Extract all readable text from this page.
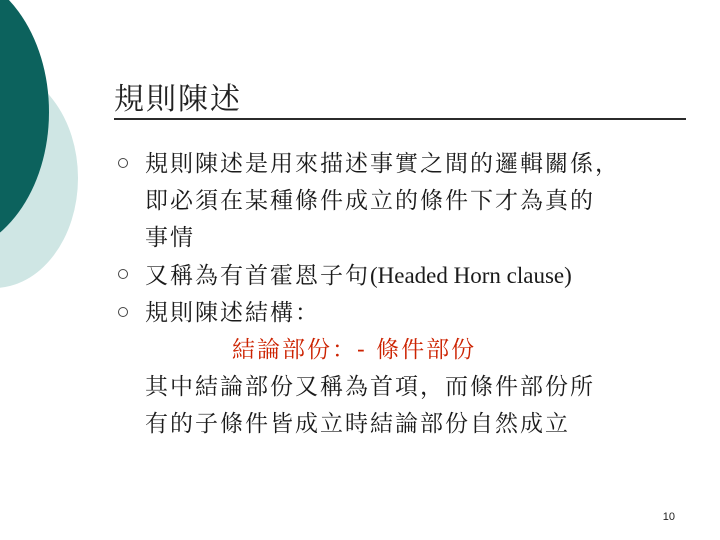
規則陳述
規則陳述是用來描述事實之間的邏輯關係，
即必須在某種條件成立的條件下才為真的
事情
又稱為有首霍恩子句(Headed Horn clause)
規則陳述結構：
結論部份：- 條件部份
其中結論部份又稱為首項，而條件部份所
有的子條件皆成立時結論部份自然成立
10
